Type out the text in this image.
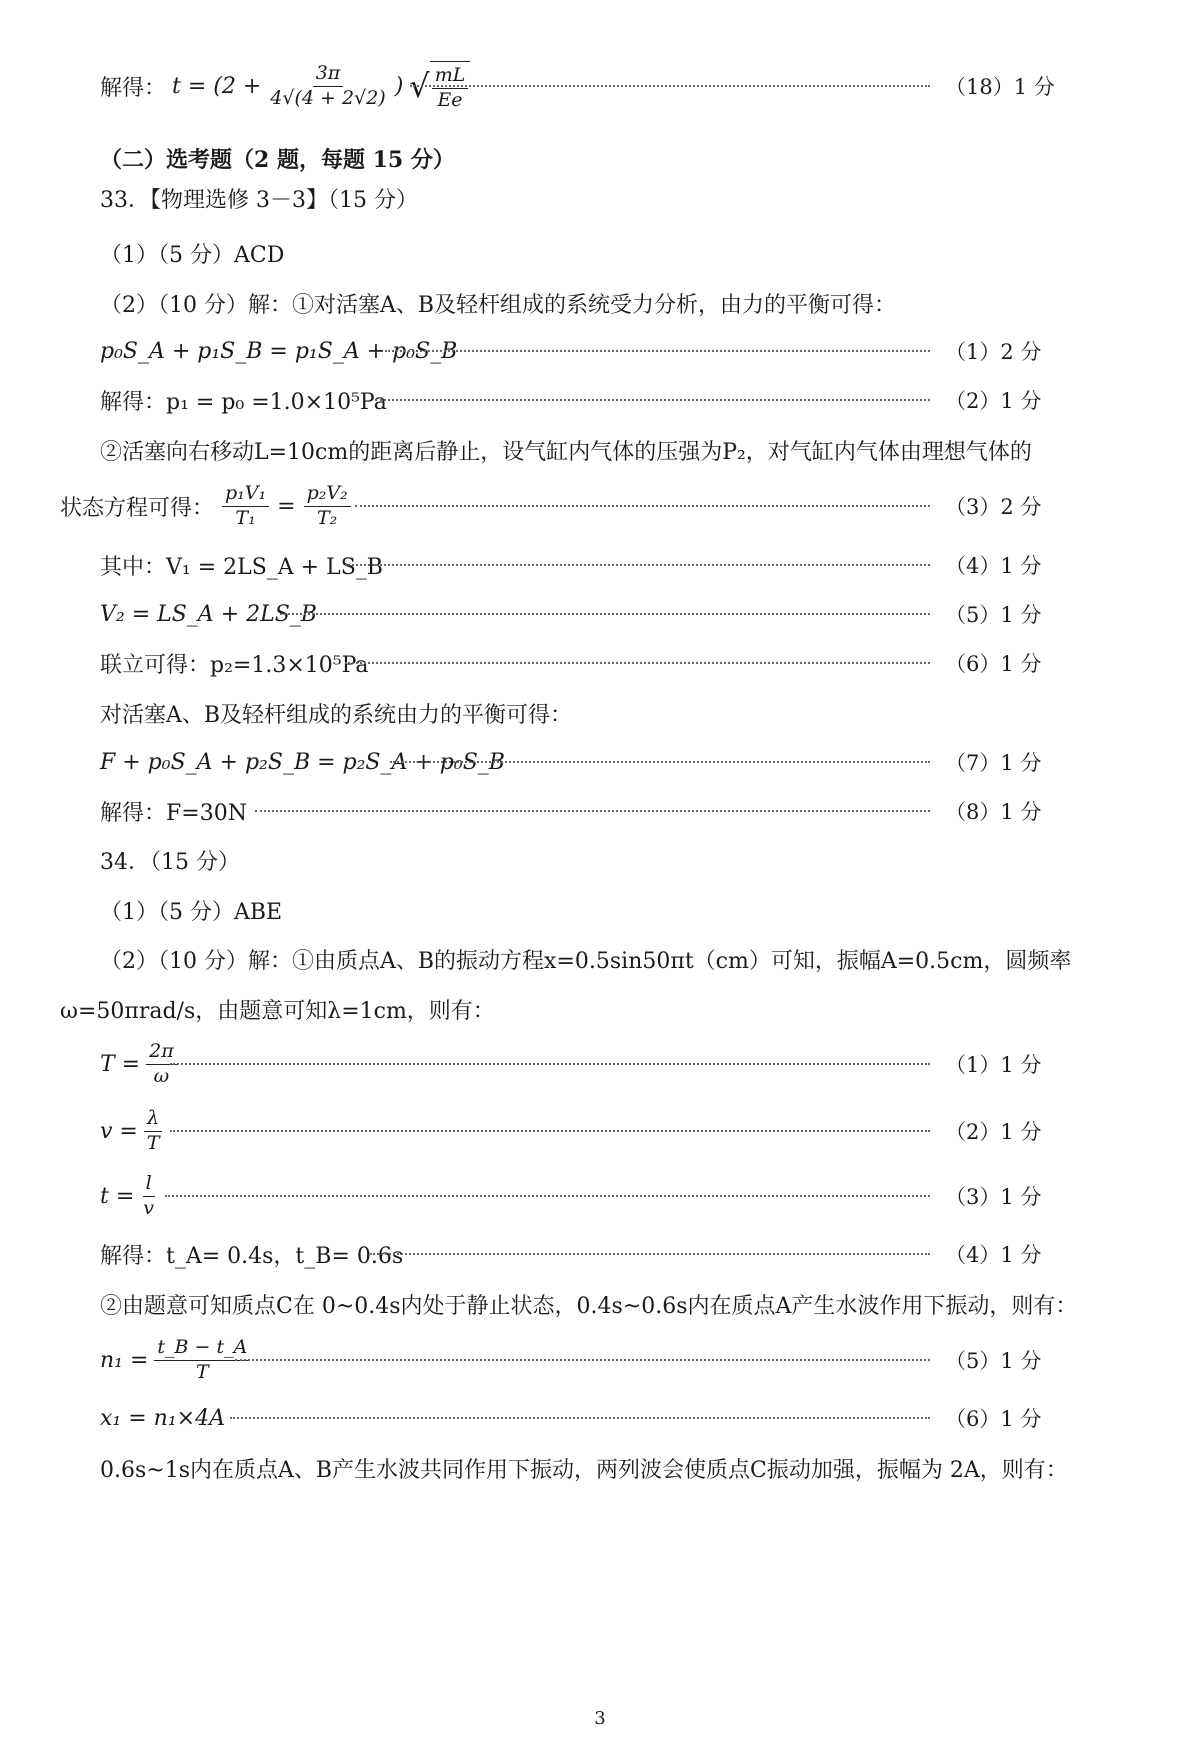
解得： $t = (2 + \frac{3\pi}{4√(4 + 2√2)}$ ) √ $\frac{mL}{Ee}$	（18）1 分
（二）选考题（2 题，每题 15 分）
33．【物理选修 3－3】（15 分）
（1）（5 分）ACD
（2）（10 分）解：①对活塞A、B及轻杆组成的系统受力分析，由力的平衡可得：
p₀S_A + p₁S_B = p₁S_A + p₀S_B	（1）2 分
解得：p₁ = p₀ =1.0×10⁵Pa	（2）1 分
②活塞向右移动L=10cm的距离后静止，设气缸内气体的压强为P₂，对气缸内气体由理想气体的
状态方程可得： $\frac{\text{p₁V₁}}{\text{T₁}} = \frac{\text{p₂V₂}}{\text{T₂}}$	（3）2 分
其中：V₁ = 2LS_A + LS_B	（4）1 分
V₂ = LS_A + 2LS_B	（5）1 分
联立可得：p₂=1.3×10⁵Pa	（6）1 分
对活塞A、B及轻杆组成的系统由力的平衡可得：
F + p₀S_A + p₂S_B = p₂S_A + p₀S_B	（7）1 分
解得：F=30N	（8）1 分
34．（15 分）
（1）（5 分）ABE
（2）（10 分）解：①由质点A、B的振动方程x=0.5sin50πt（cm）可知，振幅A=0.5cm，圆频率
ω=50πrad/s，由题意可知λ=1cm，则有：
$T = \frac{2\pi}{\omega}$	（1）1 分
$v = \frac{\lambda}{T}$	（2）1 分
$t = \frac{l}{v}$	（3）1 分
解得：t_A= 0.4s，t_B= 0.6s	（4）1 分
②由题意可知质点C在 0~0.4s内处于静止状态，0.4s~0.6s内在质点A产生水波作用下振动，则有：
$n_1 = \frac{t\_B - t\_A}{T}$	（5）1 分
x₁ = n₁×4A	（6）1 分
0.6s~1s内在质点A、B产生水波共同作用下振动，两列波会使质点C振动加强，振幅为 2A，则有：
3
